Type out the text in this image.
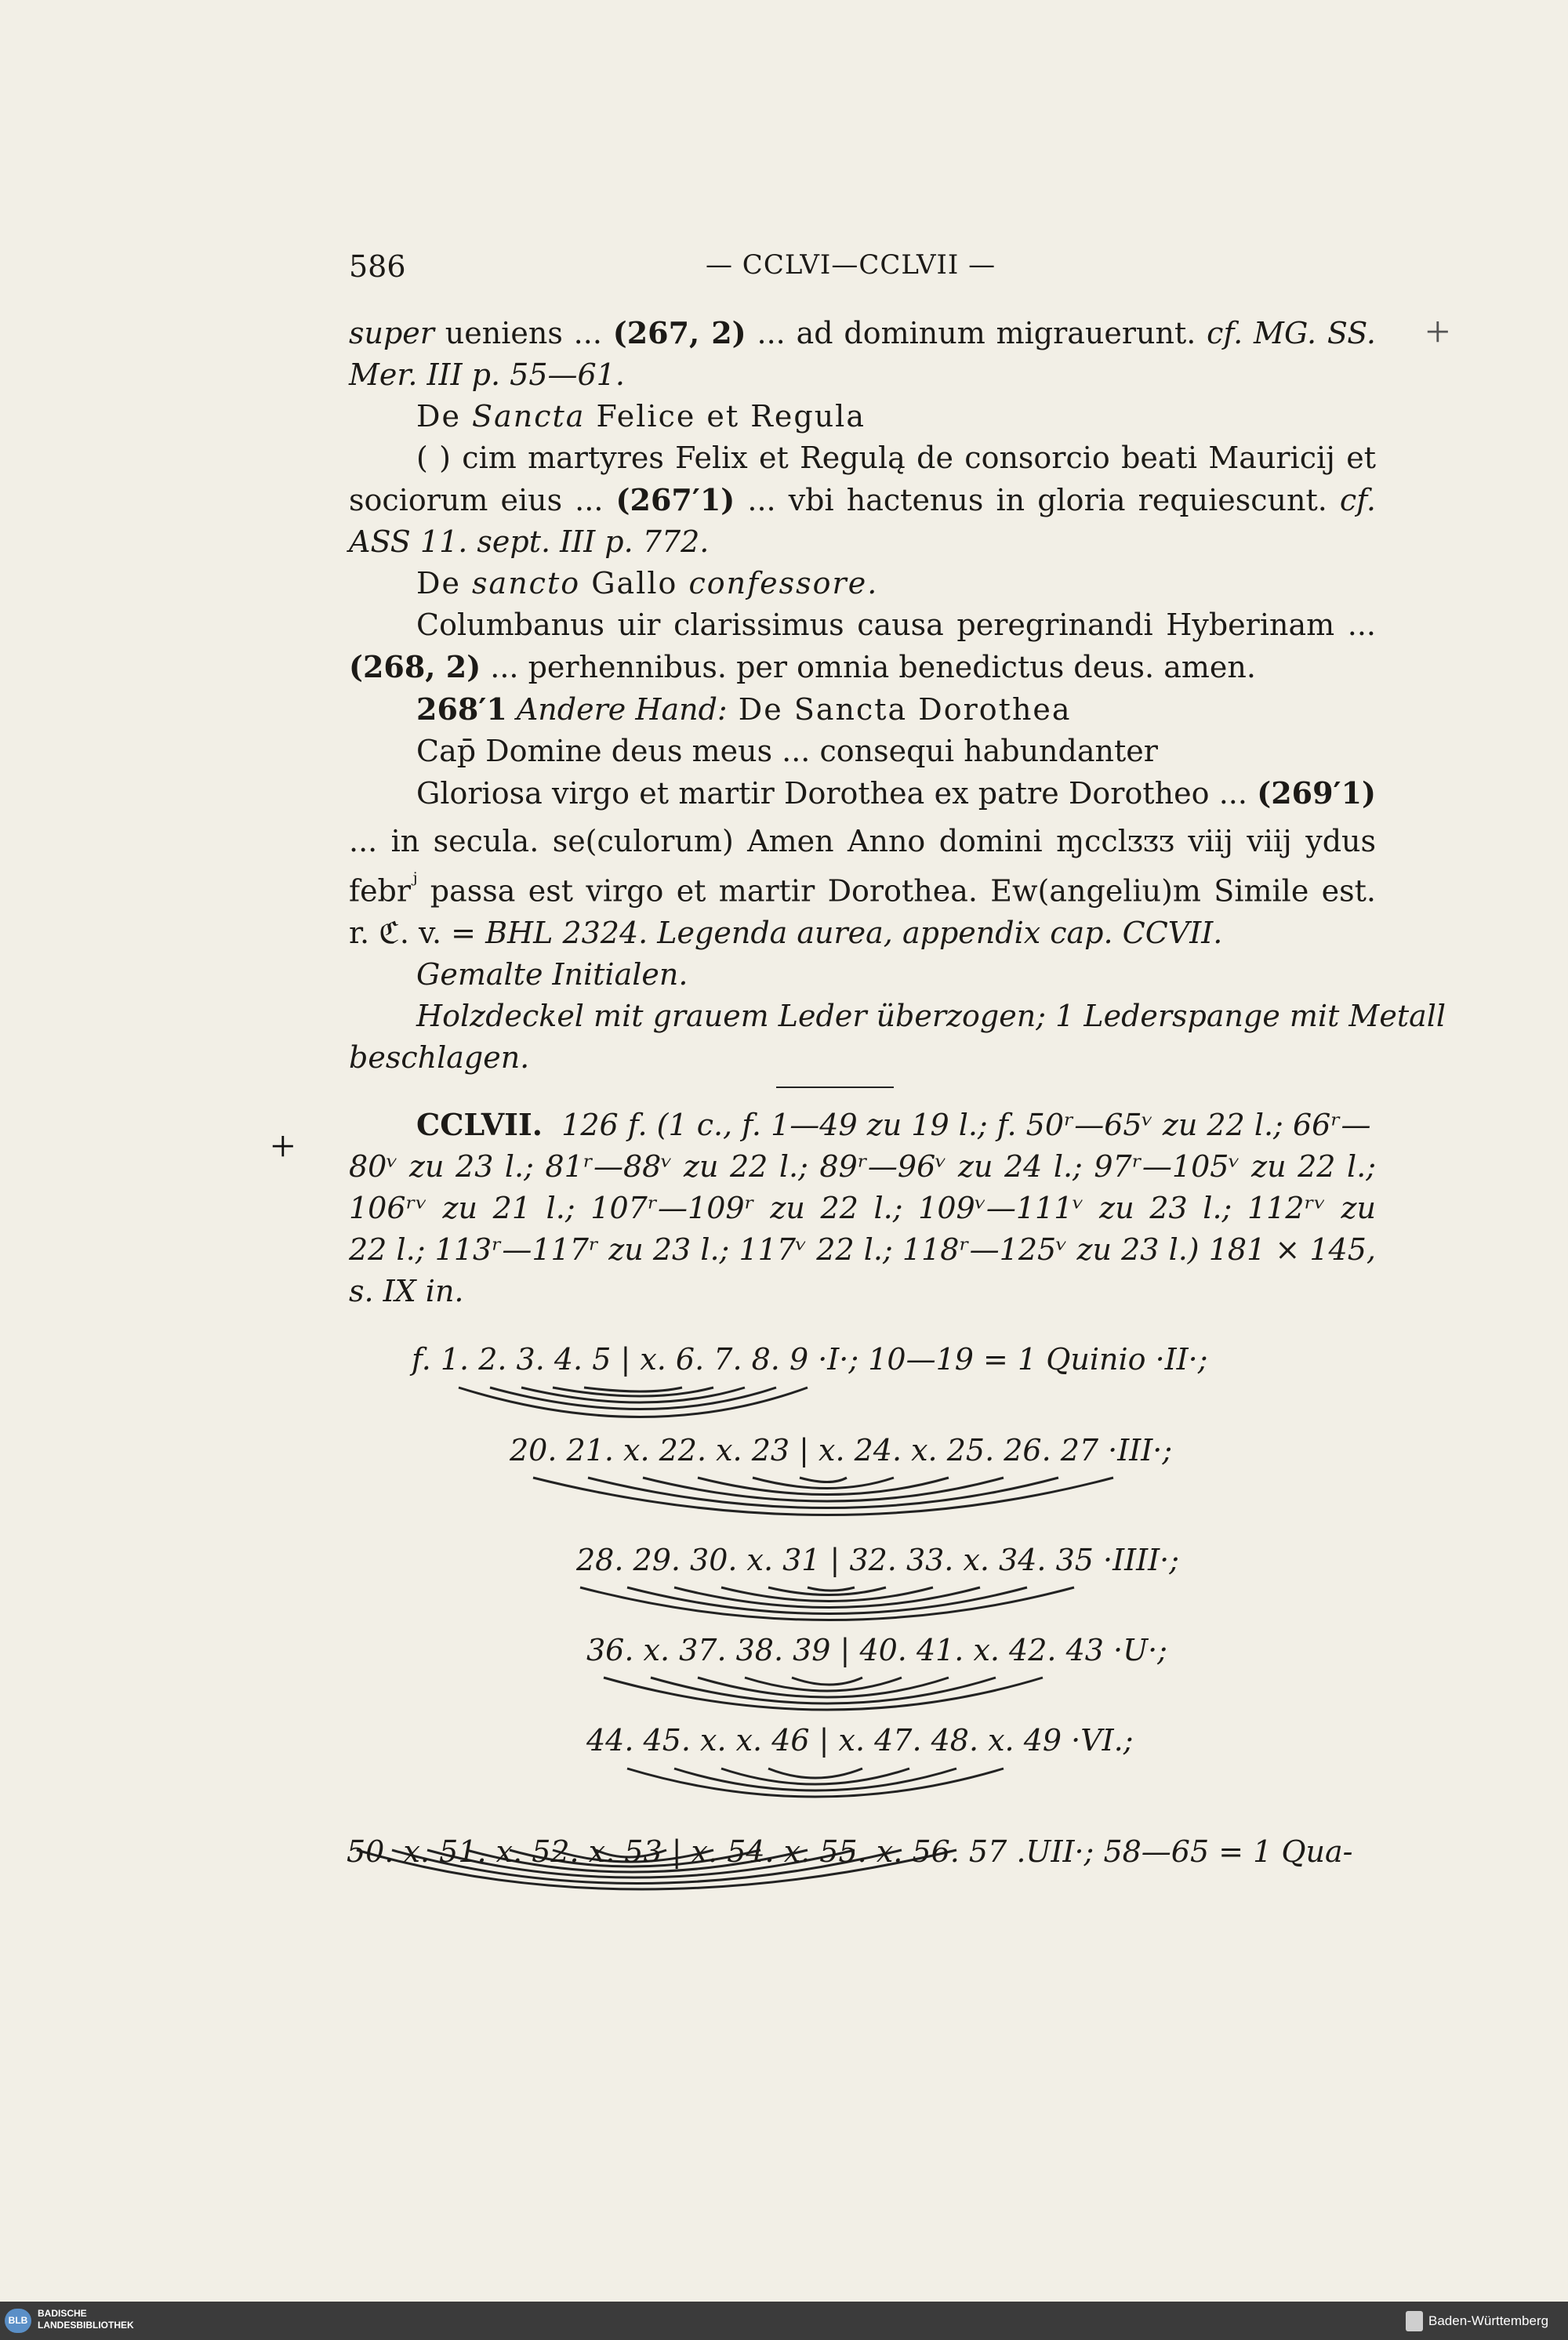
+
+
586	— CCLVI—CCLVII —

super ueniens ... (267, 2) ... ad dominum migrauerunt. cf. MG. SS.

Mer. III p. 55—61.

De Sancta Felice et Regula

( ) cim martyres Felix et Regulą de consorcio beati Mauricij et

sociorum eius ... (267′1) ... vbi hactenus in gloria requiescunt. cf.

ASS 11. sept. III p. 772.

De sancto Gallo confessore.

Columbanus uir clarissimus causa peregrinandi Hyberinam ...

(268, 2) ... perhennibus. per omnia benedictus deus. amen.

268′1 Andere Hand: De Sancta Dorothea

Cap̄ Domine deus meus ... consequi habundanter

Gloriosa virgo et martir Dorothea ex patre Dorotheo ... (269′1)

... in secula. se(culorum) Amen Anno domini ɱcclᴣᴣᴣ viij viij ydus

febr$^ʲ$ passa est virgo et martir Dorothea. Ew(angeliu)m Simile est.

r. ℭ. v. = BHL 2324. Legenda aurea, appendix cap. CCVII.

Gemalte Initialen.

Holzdeckel mit grauem Leder überzogen; 1 Lederspange mit Metall

beschlagen.

CCLVII. 126 f. (1 c., f. 1—49 zu 19 l.; f. 50ʳ—65ᵛ zu 22 l.; 66ʳ—

80ᵛ zu 23 l.; 81ʳ—88ᵛ zu 22 l.; 89ʳ—96ᵛ zu 24 l.; 97ʳ—105ᵛ zu 22 l.;

106ʳᵛ zu 21 l.; 107ʳ—109ʳ zu 22 l.; 109ᵛ—111ᵛ zu 23 l.; 112ʳᵛ zu

22 l.; 113ʳ—117ʳ zu 23 l.; 117ᵛ 22 l.; 118ʳ—125ᵛ zu 23 l.) 181 × 145,

s. IX in.

f. 1. 2. 3. 4. 5 | x. 6. 7. 8. 9 ·I·; 10—19 = 1 Quinio ·II·;
20. 21. x. 22. x. 23 | x. 24. x. 25. 26. 27 ·III·;
28. 29. 30. x. 31 | 32. 33. x. 34. 35 ·IIII·;
36. x. 37. 38. 39 | 40. 41. x. 42. 43 ·U·;
44. 45. x. x. 46 | x. 47. 48. x. 49 ·VI.;
50. x. 51. x. 52. x. 53 | x. 54. x. 55. x. 56. 57 .UII·; 58—65 = 1 Qua-
BLB
BADISCHE
LANDESBIBLIOTHEK	Baden-Württemberg
